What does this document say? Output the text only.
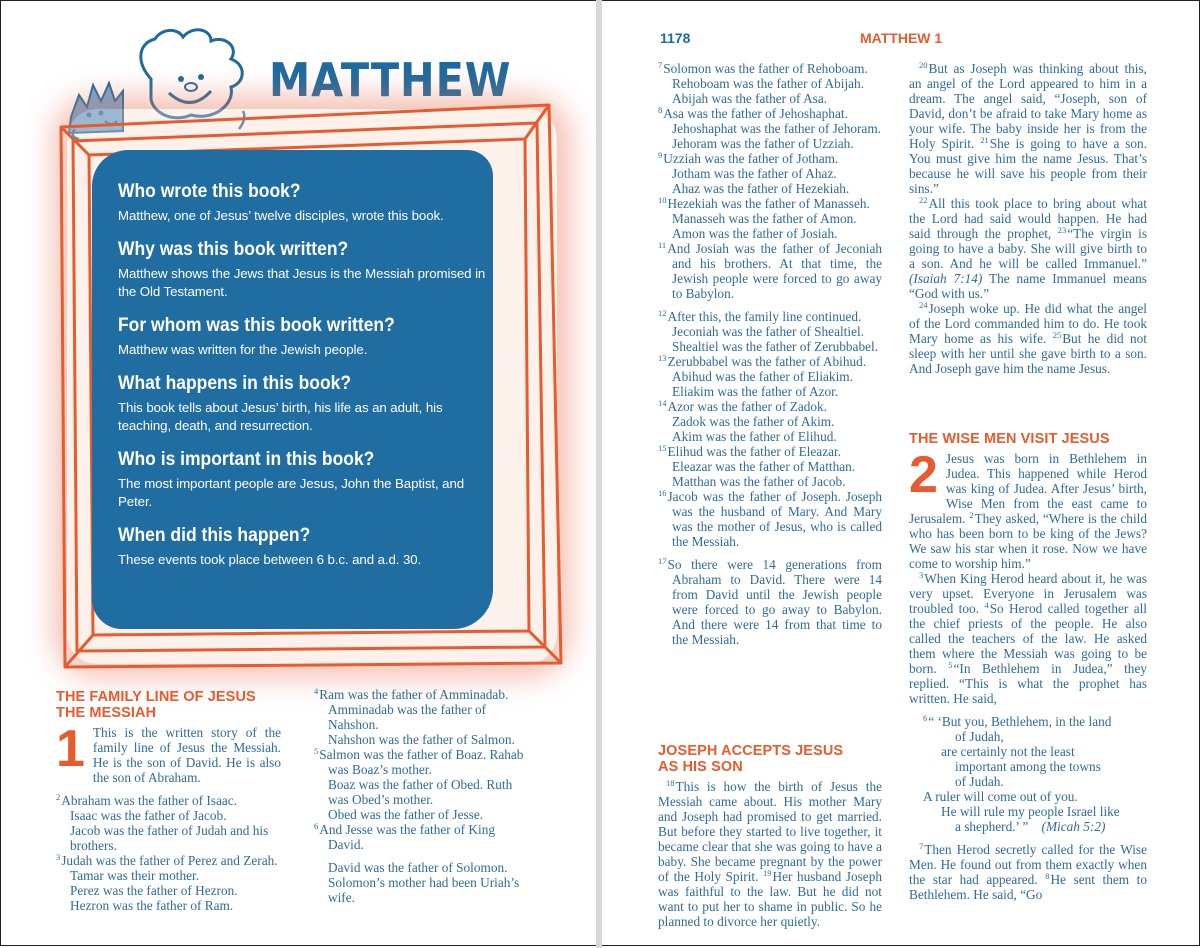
MATTHEW
Who wrote this book?
Matthew, one of Jesus’ twelve disciples, wrote this book.
Why was this book written?
Matthew shows the Jews that Jesus is the Messiah promised in the Old Testament.
For whom was this book written?
Matthew was written for the Jewish people.
What happens in this book?
This book tells about Jesus’ birth, his life as an adult, his teaching, death, and resurrection.
Who is important in this book?
The most important people are Jesus, John the Baptist, and Peter.
When did this happen?
These events took place between 6 b.c. and a.d. 30.
THE FAMILY LINE OF JESUS THE MESSIAH

1 This is the written story of the family line of Jesus the Messiah. He is the son of David. He is also the son of Abraham.

$^2$Abraham was the father of Isaac.

Isaac was the father of Jacob.

Jacob was the father of Judah and his brothers.

$^3$Judah was the father of Perez and Zerah. Tamar was their mother.

Perez was the father of Hezron.

Hezron was the father of Ram.

$^4$Ram was the father of Amminadab.

Amminadab was the father of Nahshon.

Nahshon was the father of Salmon.

$^5$Salmon was the father of Boaz. Rahab was Boaz’s mother.

Boaz was the father of Obed. Ruth was Obed’s mother.

Obed was the father of Jesse.

$^6$And Jesse was the father of King David.

David was the father of Solomon. Solomon’s mother had been Uriah’s wife.

1178	MATTHEW 1

$^7$Solomon was the father of Rehoboam.

Rehoboam was the father of Abijah.

Abijah was the father of Asa.

$^8$Asa was the father of Jehoshaphat.

Jehoshaphat was the father of Jehoram.

Jehoram was the father of Uzziah.

$^9$Uzziah was the father of Jotham.

Jotham was the father of Ahaz.

Ahaz was the father of Hezekiah.

$^{10}$Hezekiah was the father of Manasseh.

Manasseh was the father of Amon.

Amon was the father of Josiah.

$^{11}$And Josiah was the father of Jeconiah and his brothers. At that time, the Jewish people were forced to go away to Babylon.

$^{12}$After this, the family line continued.

Jeconiah was the father of Shealtiel.

Shealtiel was the father of Zerubbabel.

$^{13}$Zerubbabel was the father of Abihud.

Abihud was the father of Eliakim.

Eliakim was the father of Azor.

$^{14}$Azor was the father of Zadok.

Zadok was the father of Akim.

Akim was the father of Elihud.

$^{15}$Elihud was the father of Eleazar.

Eleazar was the father of Matthan.

Matthan was the father of Jacob.

$^{16}$Jacob was the father of Joseph. Joseph was the husband of Mary. And Mary was the mother of Jesus, who is called the Messiah.

$^{17}$So there were 14 generations from Abraham to David. There were 14 from David until the Jewish people were forced to go away to Babylon. And there were 14 from that time to the Messiah.

JOSEPH ACCEPTS JESUS AS HIS SON

$^{18}$This is how the birth of Jesus the Messiah came about. His mother Mary and Joseph had promised to get married. But before they started to live together, it became clear that she was going to have a baby. She became pregnant by the power of the Holy Spirit. $^{19}$Her husband Joseph was faithful to the law. But he did not want to put her to shame in public. So he planned to divorce her quietly.

$^{20}$But as Joseph was thinking about this, an angel of the Lord appeared to him in a dream. The angel said, “Joseph, son of David, don’t be afraid to take Mary home as your wife. The baby inside her is from the Holy Spirit. $^{21}$She is going to have a son. You must give him the name Jesus. That’s because he will save his people from their sins.”

$^{22}$All this took place to bring about what the Lord had said would happen. He had said through the prophet, $^{23}$“The virgin is going to have a baby. She will give birth to a son. And he will be called Immanuel.” (Isaiah 7:14) The name Immanuel means “God with us.”

$^{24}$Joseph woke up. He did what the angel of the Lord commanded him to do. He took Mary home as his wife. $^{25}$But he did not sleep with her until she gave birth to a son. And Joseph gave him the name Jesus.

THE WISE MEN VISIT JESUS

2 Jesus was born in Bethlehem in Judea. This happened while Herod was king of Judea. After Jesus’ birth, Wise Men from the east came to Jerusalem. $^2$They asked, “Where is the child who has been born to be king of the Jews? We saw his star when it rose. Now we have come to worship him.”

$^3$When King Herod heard about it, he was very upset. Everyone in Jerusalem was troubled too. $^4$So Herod called together all the chief priests of the people. He also called the teachers of the law. He asked them where the Messiah was going to be born. $^5$“In Bethlehem in Judea,” they replied. “This is what the prophet has written. He said,

$^6$“ ‘But you, Bethlehem, in the land

of Judah,

are certainly not the least

important among the towns

of Judah.

A ruler will come out of you.

He will rule my people Israel like

a shepherd.’ ” (Micah 5:2)

$^7$Then Herod secretly called for the Wise Men. He found out from them exactly when the star had appeared. $^8$He sent them to Bethlehem. He said, “Go
